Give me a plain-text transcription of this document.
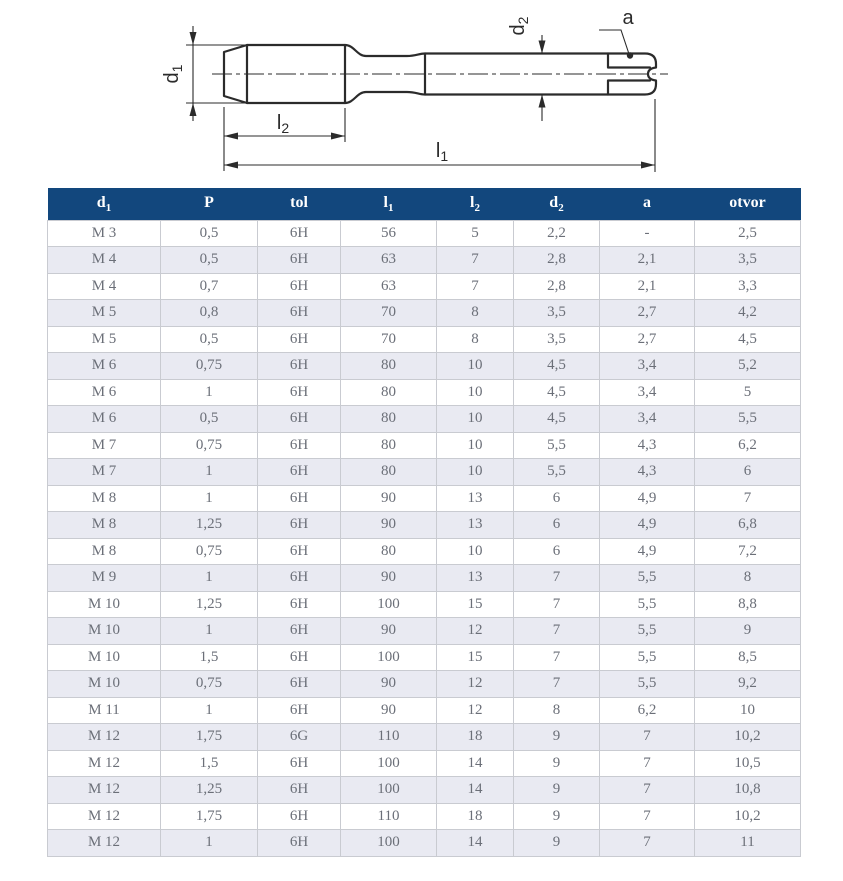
$d_1$
$l_2$
$l_1$
$d_2$	a
$d_1$	P	tol	$l_1$	$l_2$	$d_2$	a	otvor
M 3	0,5	6H	56	5	2,2	-	2,5
M 4	0,5	6H	63	7	2,8	2,1	3,5
M 4	0,7	6H	63	7	2,8	2,1	3,3
M 5	0,8	6H	70	8	3,5	2,7	4,2
M 5	0,5	6H	70	8	3,5	2,7	4,5
M 6	0,75	6H	80	10	4,5	3,4	5,2
M 6	1	6H	80	10	4,5	3,4	5
M 6	0,5	6H	80	10	4,5	3,4	5,5
M 7	0,75	6H	80	10	5,5	4,3	6,2
M 7	1	6H	80	10	5,5	4,3	6
M 8	1	6H	90	13	6	4,9	7
M 8	1,25	6H	90	13	6	4,9	6,8
M 8	0,75	6H	80	10	6	4,9	7,2
M 9	1	6H	90	13	7	5,5	8
M 10	1,25	6H	100	15	7	5,5	8,8
M 10	1	6H	90	12	7	5,5	9
M 10	1,5	6H	100	15	7	5,5	8,5
M 10	0,75	6H	90	12	7	5,5	9,2
M 11	1	6H	90	12	8	6,2	10
M 12	1,75	6G	110	18	9	7	10,2
M 12	1,5	6H	100	14	9	7	10,5
M 12	1,25	6H	100	14	9	7	10,8
M 12	1,75	6H	110	18	9	7	10,2
M 12	1	6H	100	14	9	7	11
